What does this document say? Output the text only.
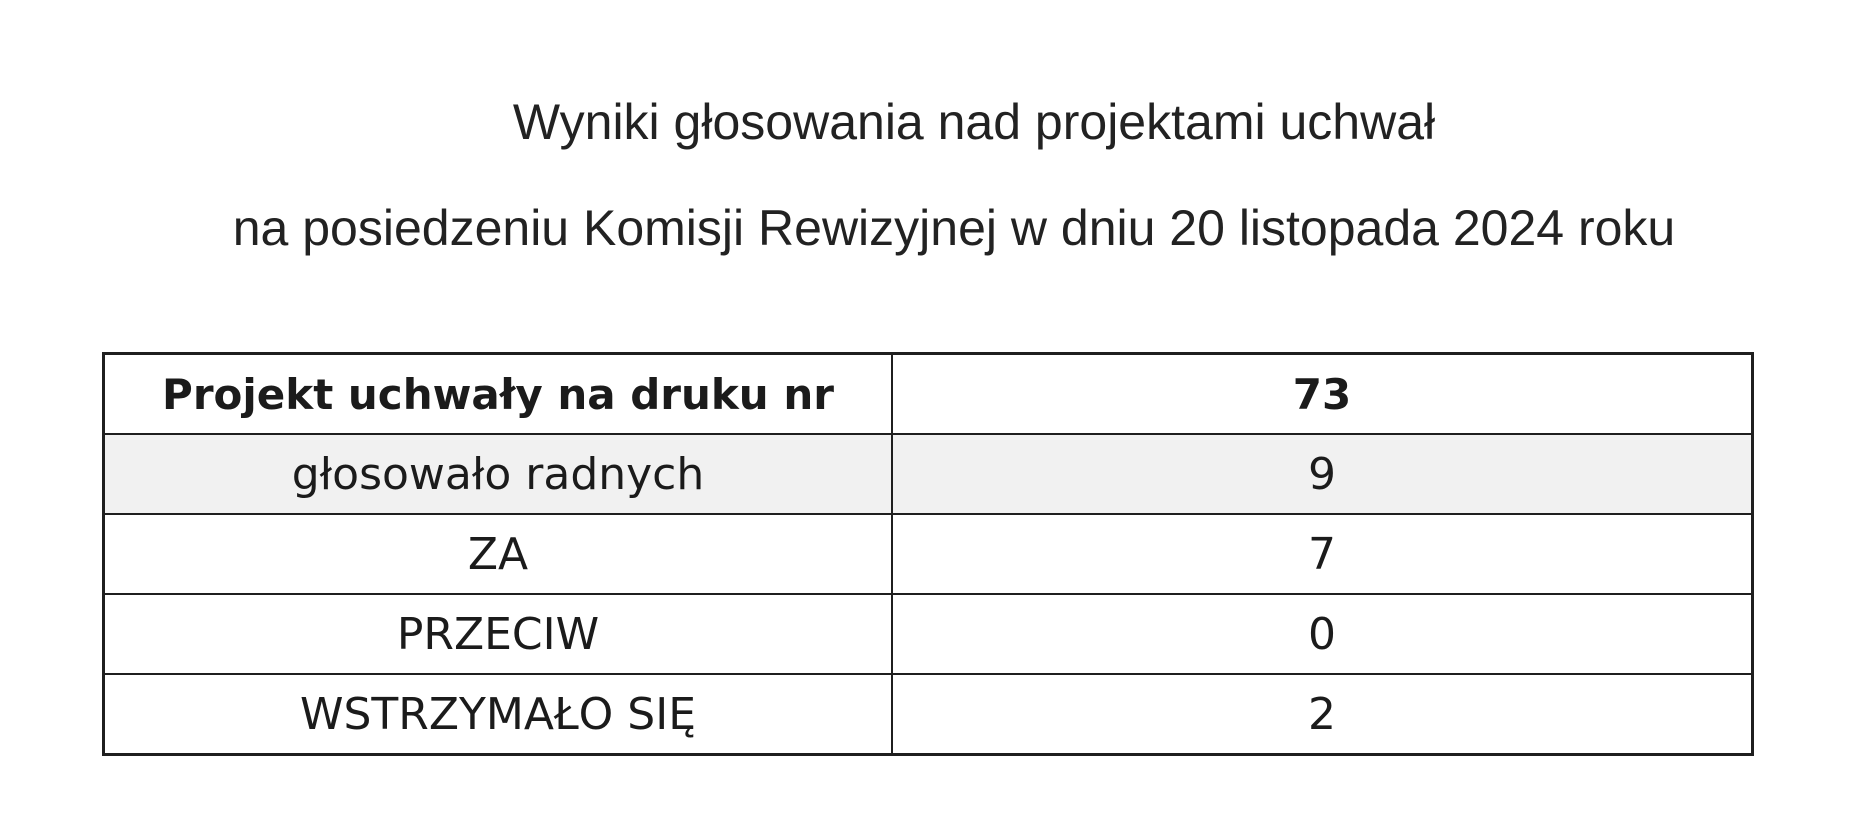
Wyniki głosowania nad projektami uchwał
na posiedzeniu Komisji Rewizyjnej w dniu 20 listopada 2024 roku
Projekt uchwały na druku nr	73
głosowało radnych	9
ZA	7
PRZECIW	0
WSTRZYMAŁO SIĘ	2
